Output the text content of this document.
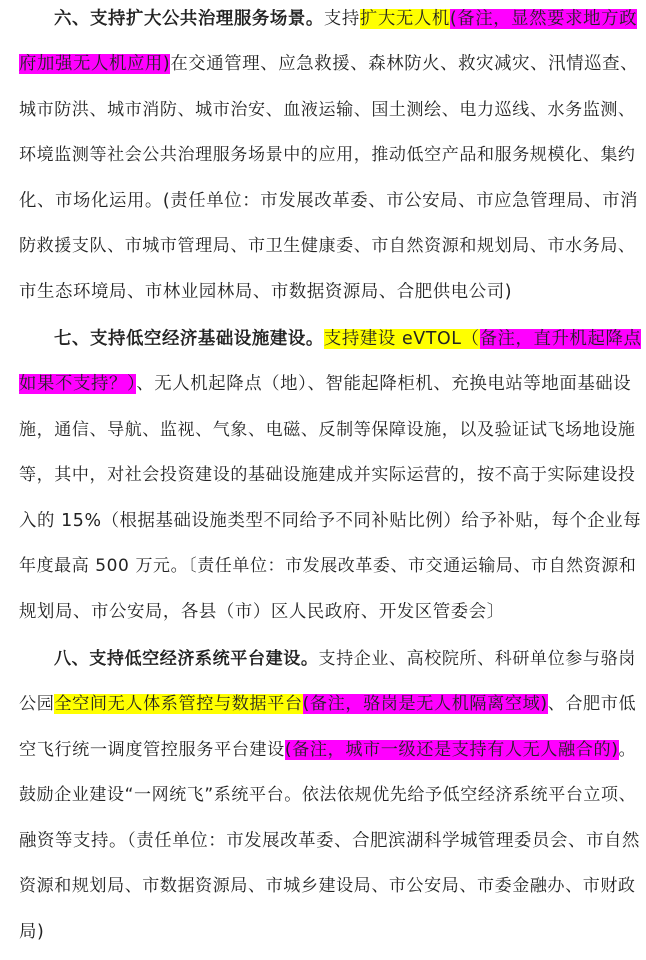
六、支持扩大公共治理服务场景。支持扩大无人机(备注，显然要求地方政
府加强无人机应用)在交通管理、应急救援、森林防火、救灾减灾、汛情巡查、
城市防洪、城市消防、城市治安、血液运输、国土测绘、电力巡线、水务监测、
环境监测等社会公共治理服务场景中的应用，推动低空产品和服务规模化、集约
化、市场化运用。(责任单位：市发展改革委、市公安局、市应急管理局、市消
防救援支队、市城市管理局、市卫生健康委、市自然资源和规划局、市水务局、
市生态环境局、市林业园林局、市数据资源局、合肥供电公司)
七、支持低空经济基础设施建设。支持建设 eVTOL（备注，直升机起降点
如果不支持？）、无人机起降点（地）、智能起降柜机、充换电站等地面基础设
施，通信、导航、监视、气象、电磁、反制等保障设施，以及验证试飞场地设施
等，其中，对社会投资建设的基础设施建成并实际运营的，按不高于实际建设投
入的 15%（根据基础设施类型不同给予不同补贴比例）给予补贴，每个企业每
年度最高 500 万元。〔责任单位：市发展改革委、市交通运输局、市自然资源和
规划局、市公安局，各县（市）区人民政府、开发区管委会〕
八、支持低空经济系统平台建设。支持企业、高校院所、科研单位参与骆岗
公园全空间无人体系管控与数据平台(备注，骆岗是无人机隔离空域)、合肥市低
空飞行统一调度管控服务平台建设(备注，城市一级还是支持有人无人融合的)。
鼓励企业建设“一网统飞”系统平台。依法依规优先给予低空经济系统平台立项、
融资等支持。（责任单位：市发展改革委、合肥滨湖科学城管理委员会、市自然
资源和规划局、市数据资源局、市城乡建设局、市公安局、市委金融办、市财政
局)
